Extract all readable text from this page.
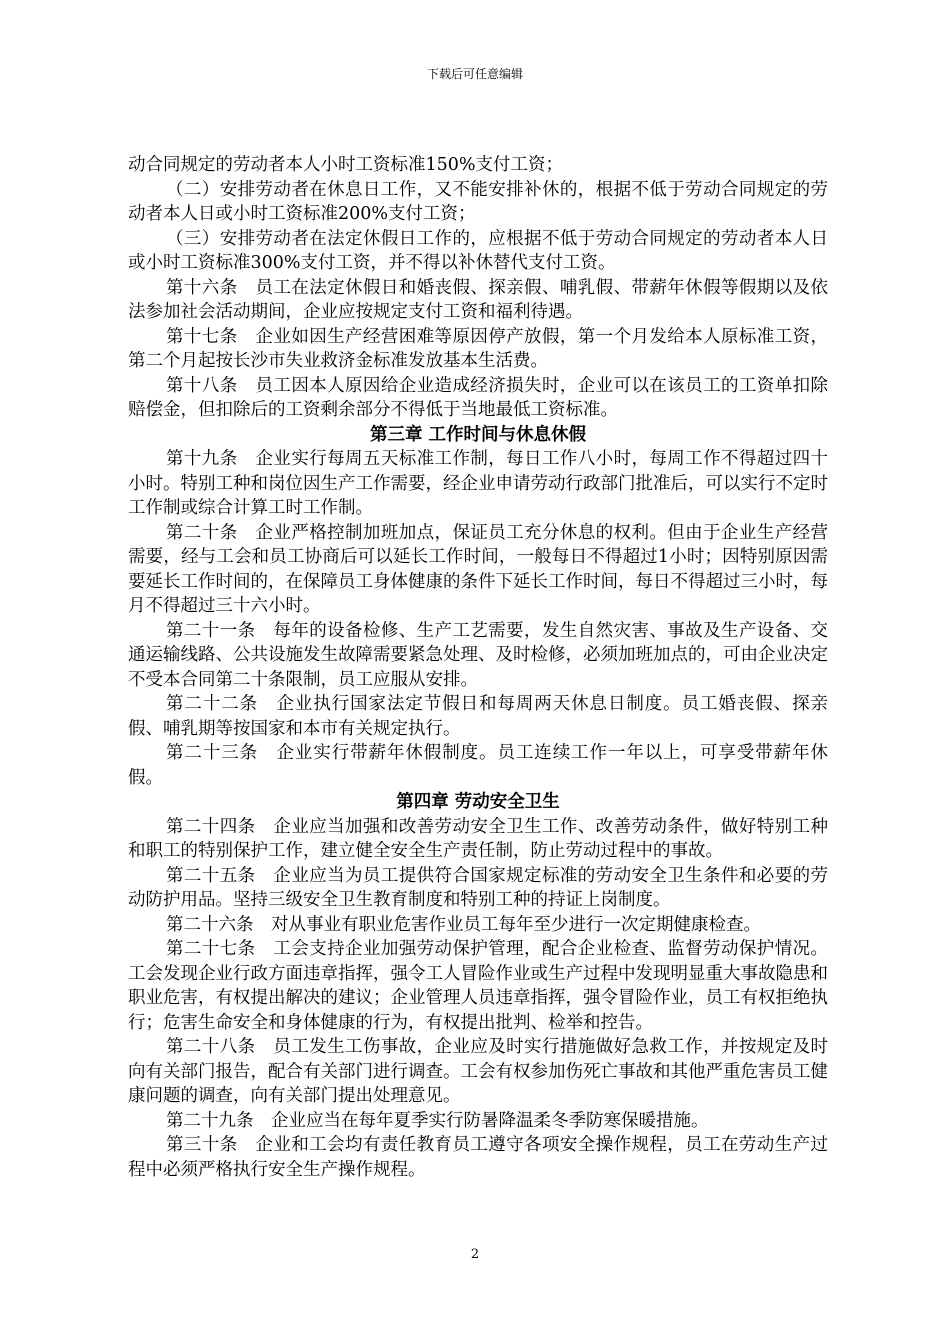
下载后可任意编辑

动合同规定的劳动者本人小时工资标准150%支付工资；

（二）安排劳动者在休息日工作，又不能安排补休的，根据不低于劳动合同规定的劳动者本人日或小时工资标准200%支付工资；

（三）安排劳动者在法定休假日工作的，应根据不低于劳动合同规定的劳动者本人日或小时工资标准300%支付工资，并不得以补休替代支付工资。

第十六条　员工在法定休假日和婚丧假、探亲假、哺乳假、带薪年休假等假期以及依法参加社会活动期间，企业应按规定支付工资和福利待遇。

第十七条　企业如因生产经营困难等原因停产放假，第一个月发给本人原标准工资，第二个月起按长沙市失业救济金标准发放基本生活费。

第十八条　员工因本人原因给企业造成经济损失时，企业可以在该员工的工资单扣除赔偿金，但扣除后的工资剩余部分不得低于当地最低工资标准。

第三章 工作时间与休息休假

第十九条　企业实行每周五天标准工作制，每日工作八小时，每周工作不得超过四十小时。特别工种和岗位因生产工作需要，经企业申请劳动行政部门批准后，可以实行不定时工作制或综合计算工时工作制。

第二十条　企业严格控制加班加点，保证员工充分休息的权利。但由于企业生产经营需要，经与工会和员工协商后可以延长工作时间，一般每日不得超过1小时；因特别原因需要延长工作时间的，在保障员工身体健康的条件下延长工作时间，每日不得超过三小时，每月不得超过三十六小时。

第二十一条　每年的设备检修、生产工艺需要，发生自然灾害、事故及生产设备、交通运输线路、公共设施发生故障需要紧急处理、及时检修，必须加班加点的，可由企业决定不受本合同第二十条限制，员工应服从安排。

第二十二条　企业执行国家法定节假日和每周两天休息日制度。员工婚丧假、探亲假、哺乳期等按国家和本市有关规定执行。

第二十三条　企业实行带薪年休假制度。员工连续工作一年以上，可享受带薪年休假。

第四章 劳动安全卫生

第二十四条　企业应当加强和改善劳动安全卫生工作、改善劳动条件，做好特别工种和职工的特别保护工作，建立健全安全生产责任制，防止劳动过程中的事故。

第二十五条　企业应当为员工提供符合国家规定标准的劳动安全卫生条件和必要的劳动防护用品。坚持三级安全卫生教育制度和特别工种的持证上岗制度。

第二十六条　对从事业有职业危害作业员工每年至少进行一次定期健康检查。

第二十七条　工会支持企业加强劳动保护管理，配合企业检查、监督劳动保护情况。工会发现企业行政方面违章指挥，强令工人冒险作业或生产过程中发现明显重大事故隐患和职业危害，有权提出解决的建议；企业管理人员违章指挥，强令冒险作业，员工有权拒绝执行；危害生命安全和身体健康的行为，有权提出批判、检举和控告。

第二十八条　员工发生工伤事故，企业应及时实行措施做好急救工作，并按规定及时向有关部门报告，配合有关部门进行调查。工会有权参加伤死亡事故和其他严重危害员工健康问题的调查，向有关部门提出处理意见。

第二十九条　企业应当在每年夏季实行防暑降温柔冬季防寒保暖措施。

第三十条　企业和工会均有责任教育员工遵守各项安全操作规程，员工在劳动生产过程中必须严格执行安全生产操作规程。

2
